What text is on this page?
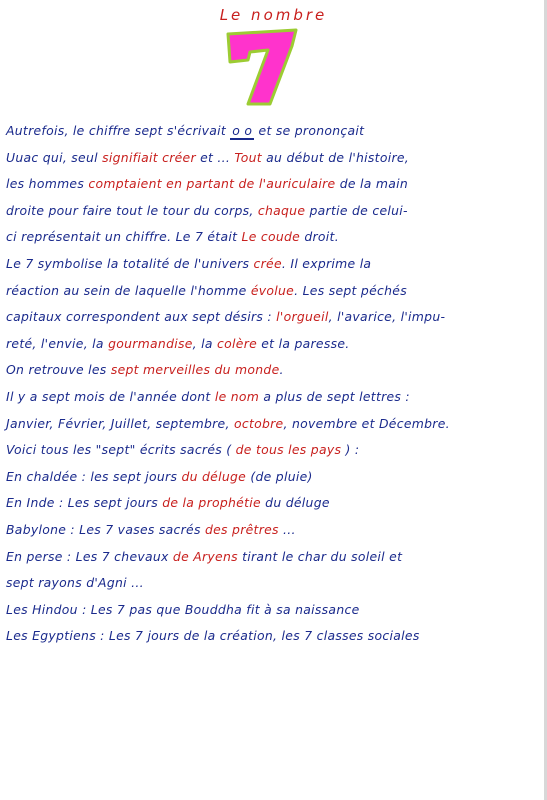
Le nombre
Autrefois, le chiffre sept s'écrivait o o et se prononçait
Uuac qui, seul signifiait créer et ... Tout au début de l'histoire,
les hommes comptaient en partant de l'auriculaire de la main
droite pour faire tout le tour du corps, chaque partie de celui-
ci représentait un chiffre. Le 7 était Le coude droit.
Le 7 symbolise la totalité de l'univers crée. Il exprime la
réaction au sein de laquelle l'homme évolue. Les sept péchés
capitaux correspondent aux sept désirs : l'orgueil, l'avarice, l'impu-
reté, l'envie, la gourmandise, la colère et la paresse.
On retrouve les sept merveilles du monde.
Il y a sept mois de l'année dont le nom a plus de sept lettres :
Janvier, Février, Juillet, septembre, octobre, novembre et Décembre.
Voici tous les "sept" écrits sacrés ( de tous les pays ) :
En chaldée : les sept jours du déluge (de pluie)
En Inde : Les sept jours de la prophétie du déluge
Babylone : Les 7 vases sacrés des prêtres ...
En perse : Les 7 chevaux de Aryens tirant le char du soleil et
sept rayons d'Agni ...
Les Hindou : Les 7 pas que Bouddha fit à sa naissance
Les Egyptiens : Les 7 jours de la création, les 7 classes sociales
